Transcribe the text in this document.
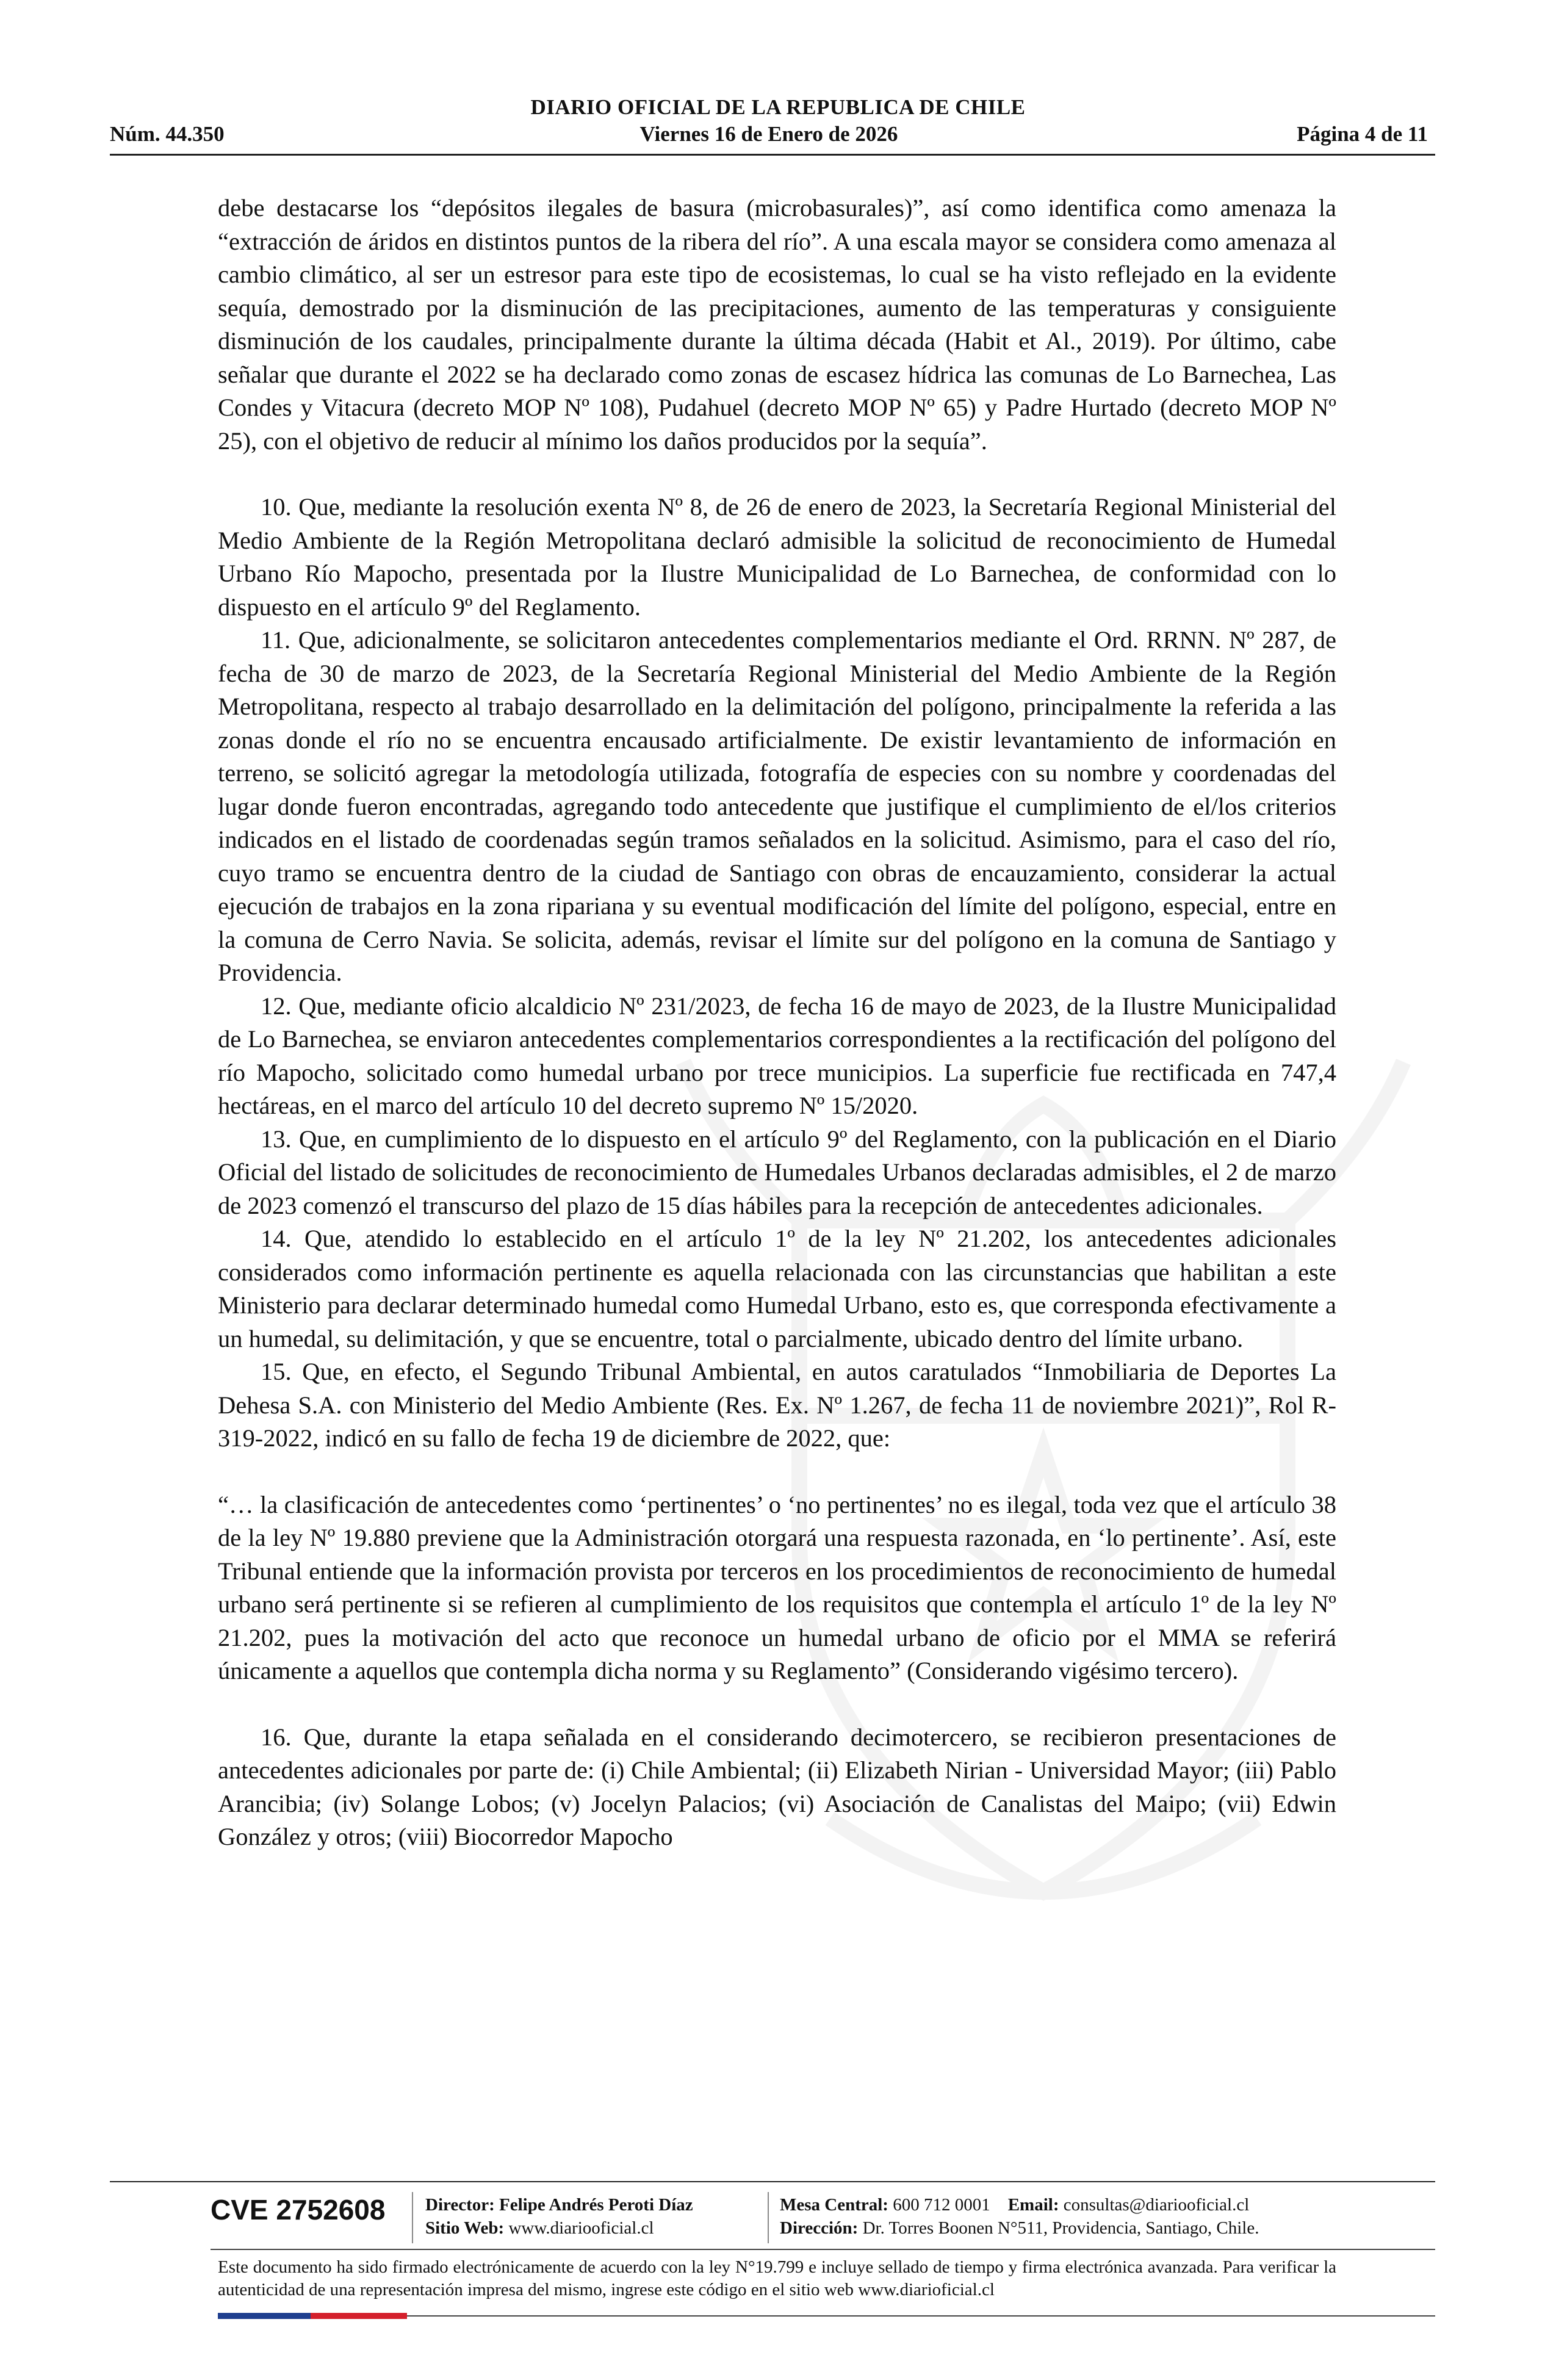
DIARIO OFICIAL DE LA REPUBLICA DE CHILE
Núm. 44.350	Viernes 16 de Enero de 2026	Página 4 de 11

debe destacarse los “depósitos ilegales de basura (microbasurales)”, así como identifica como amenaza la “extracción de áridos en distintos puntos de la ribera del río”. A una escala mayor se considera como amenaza al cambio climático, al ser un estresor para este tipo de ecosistemas, lo cual se ha visto reflejado en la evidente sequía, demostrado por la disminución de las precipitaciones, aumento de las temperaturas y consiguiente disminución de los caudales, principalmente durante la última década (Habit et Al., 2019). Por último, cabe señalar que durante el 2022 se ha declarado como zonas de escasez hídrica las comunas de Lo Barnechea, Las Condes y Vitacura (decreto MOP Nº 108), Pudahuel (decreto MOP Nº 65) y Padre Hurtado (decreto MOP Nº 25), con el objetivo de reducir al mínimo los daños producidos por la sequía”.

10. Que, mediante la resolución exenta Nº 8, de 26 de enero de 2023, la Secretaría Regional Ministerial del Medio Ambiente de la Región Metropolitana declaró admisible la solicitud de reconocimiento de Humedal Urbano Río Mapocho, presentada por la Ilustre Municipalidad de Lo Barnechea, de conformidad con lo dispuesto en el artículo 9º del Reglamento.

11. Que, adicionalmente, se solicitaron antecedentes complementarios mediante el Ord. RRNN. Nº 287, de fecha de 30 de marzo de 2023, de la Secretaría Regional Ministerial del Medio Ambiente de la Región Metropolitana, respecto al trabajo desarrollado en la delimitación del polígono, principalmente la referida a las zonas donde el río no se encuentra encausado artificialmente. De existir levantamiento de información en terreno, se solicitó agregar la metodología utilizada, fotografía de especies con su nombre y coordenadas del lugar donde fueron encontradas, agregando todo antecedente que justifique el cumplimiento de el/los criterios indicados en el listado de coordenadas según tramos señalados en la solicitud. Asimismo, para el caso del río, cuyo tramo se encuentra dentro de la ciudad de Santiago con obras de encauzamiento, considerar la actual ejecución de trabajos en la zona ripariana y su eventual modificación del límite del polígono, especial, entre en la comuna de Cerro Navia. Se solicita, además, revisar el límite sur del polígono en la comuna de Santiago y Providencia.

12. Que, mediante oficio alcaldicio Nº 231/2023, de fecha 16 de mayo de 2023, de la Ilustre Municipalidad de Lo Barnechea, se enviaron antecedentes complementarios correspondientes a la rectificación del polígono del río Mapocho, solicitado como humedal urbano por trece municipios. La superficie fue rectificada en 747,4 hectáreas, en el marco del artículo 10 del decreto supremo Nº 15/2020.

13. Que, en cumplimiento de lo dispuesto en el artículo 9º del Reglamento, con la publicación en el Diario Oficial del listado de solicitudes de reconocimiento de Humedales Urbanos declaradas admisibles, el 2 de marzo de 2023 comenzó el transcurso del plazo de 15 días hábiles para la recepción de antecedentes adicionales.

14. Que, atendido lo establecido en el artículo 1º de la ley Nº 21.202, los antecedentes adicionales considerados como información pertinente es aquella relacionada con las circunstancias que habilitan a este Ministerio para declarar determinado humedal como Humedal Urbano, esto es, que corresponda efectivamente a un humedal, su delimitación, y que se encuentre, total o parcialmente, ubicado dentro del límite urbano.

15. Que, en efecto, el Segundo Tribunal Ambiental, en autos caratulados “Inmobiliaria de Deportes La Dehesa S.A. con Ministerio del Medio Ambiente (Res. Ex. Nº 1.267, de fecha 11 de noviembre 2021)”, Rol R-319-2022, indicó en su fallo de fecha 19 de diciembre de 2022, que:

“… la clasificación de antecedentes como ‘pertinentes’ o ‘no pertinentes’ no es ilegal, toda vez que el artículo 38 de la ley Nº 19.880 previene que la Administración otorgará una respuesta razonada, en ‘lo pertinente’. Así, este Tribunal entiende que la información provista por terceros en los procedimientos de reconocimiento de humedal urbano será pertinente si se refieren al cumplimiento de los requisitos que contempla el artículo 1º de la ley Nº 21.202, pues la motivación del acto que reconoce un humedal urbano de oficio por el MMA se referirá únicamente a aquellos que contempla dicha norma y su Reglamento” (Considerando vigésimo tercero).

16. Que, durante la etapa señalada en el considerando decimotercero, se recibieron presentaciones de antecedentes adicionales por parte de: (i) Chile Ambiental; (ii) Elizabeth Nirian - Universidad Mayor; (iii) Pablo Arancibia; (iv) Solange Lobos; (v) Jocelyn Palacios; (vi) Asociación de Canalistas del Maipo; (vii) Edwin González y otros; (viii) Biocorredor Mapocho

CVE 2752608 Director: Felipe Andrés Peroti Díaz
Sitio Web: www.diariooficial.cl
Mesa Central: 600 712 0001 Email: consultas@diariooficial.cl
Dirección: Dr. Torres Boonen N°511, Providencia, Santiago, Chile.
Este documento ha sido firmado electrónicamente de acuerdo con la ley N°19.799 e incluye sellado de tiempo y firma electrónica avanzada. Para verificar la autenticidad de una representación impresa del mismo, ingrese este código en el sitio web www.diarioficial.cl
